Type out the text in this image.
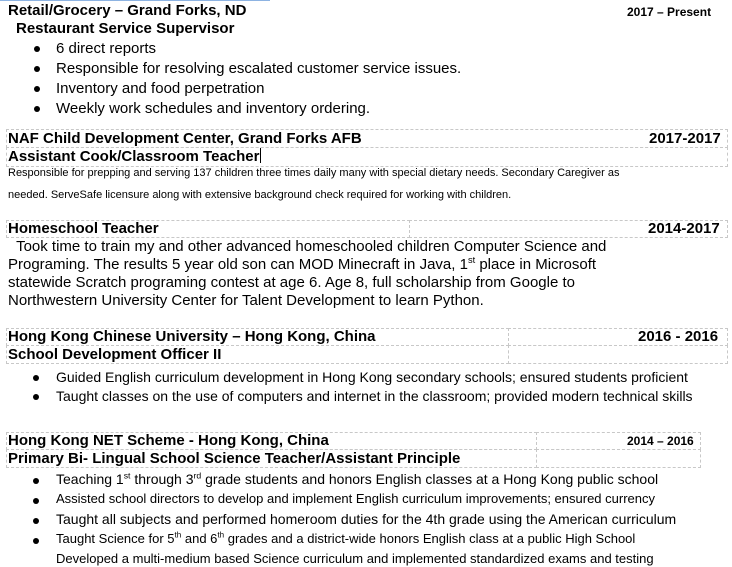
Retail/Grocery – Grand Forks, ND	2017 – Present
Restaurant Service Supervisor
6 direct reports
Responsible for resolving escalated customer service issues.
Inventory and food perpetration
Weekly work schedules and inventory ordering.
NAF Child Development Center, Grand Forks AFB	2017-2017
Assistant Cook/Classroom Teacher
Responsible for prepping and serving 137 children three times daily many with special dietary needs. Secondary Caregiver as
needed. ServeSafe licensure along with extensive background check required for working with children.
Homeschool Teacher	2014-2017
Took time to train my and other advanced homeschooled children Computer Science and
Programing. The results 5 year old son can MOD Minecraft in Java, 1st place in Microsoft
statewide Scratch programing contest at age 6. Age 8, full scholarship from Google to
Northwestern University Center for Talent Development to learn Python.
Hong Kong Chinese University – Hong Kong, China	2016 - 2016
School Development Officer II
Guided English curriculum development in Hong Kong secondary schools; ensured students proficient
Taught classes on the use of computers and internet in the classroom; provided modern technical skills
Hong Kong NET Scheme - Hong Kong, China	2014 – 2016
Primary Bi- Lingual School Science Teacher/Assistant Principle
Teaching 1st through 3rd grade students and honors English classes at a Hong Kong public school
Assisted school directors to develop and implement English curriculum improvements; ensured currency
Taught all subjects and performed homeroom duties for the 4th grade using the American curriculum
Taught Science for 5th and 6th grades and a district-wide honors English class at a public High School
Developed a multi-medium based Science curriculum and implemented standardized exams and testing
